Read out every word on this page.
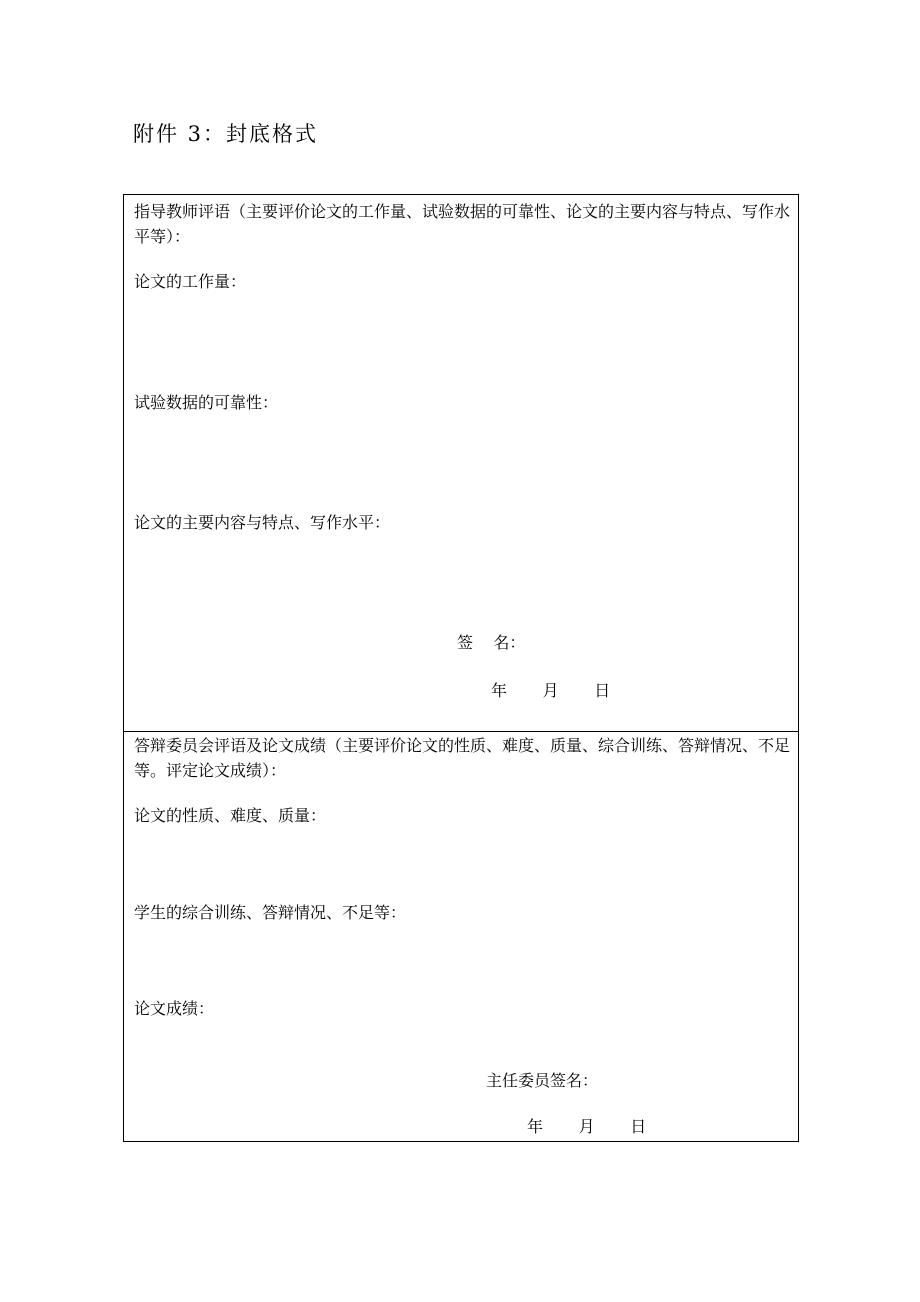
附件 3：封底格式
指导教师评语（主要评价论文的工作量、试验数据的可靠性、论文的主要内容与特点、写作水平等）：
论文的工作量：
试验数据的可靠性：
论文的主要内容与特点、写作水平：
签    名：
年       月       日
答辩委员会评语及论文成绩（主要评价论文的性质、难度、质量、综合训练、答辩情况、不足等。评定论文成绩）：
论文的性质、难度、质量：
学生的综合训练、答辩情况、不足等：
论文成绩：
主任委员签名：
年       月       日
